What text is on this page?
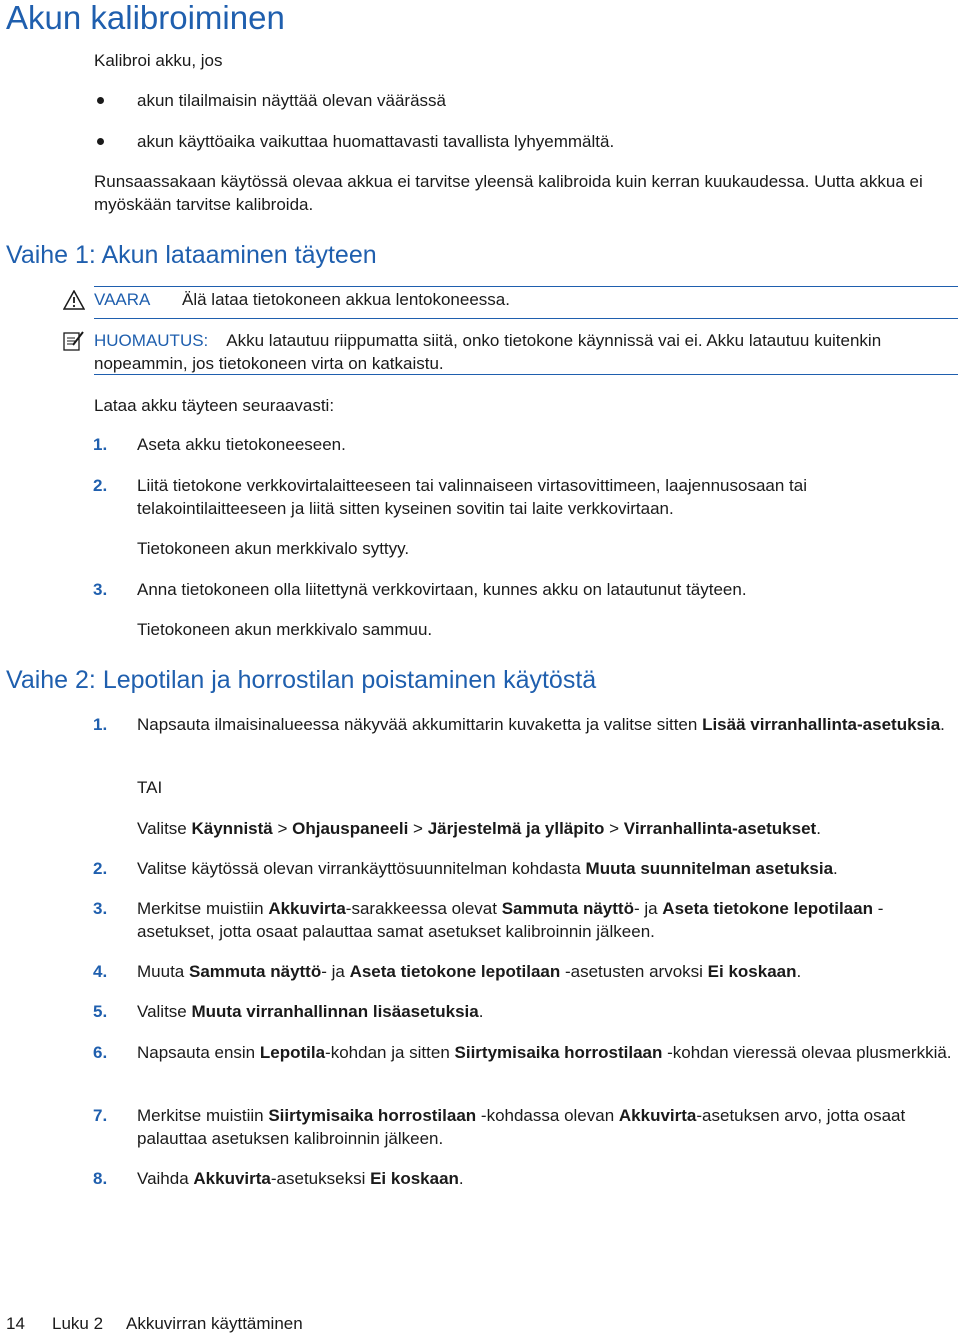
Akun kalibroiminen

Kalibroi akku, jos

akun tilailmaisin näyttää olevan väärässä
akun käyttöaika vaikuttaa huomattavasti tavallista lyhyemmältä.

Runsaassakaan käytössä olevaa akkua ei tarvitse yleensä kalibroida kuin kerran kuukaudessa. Uutta akkua ei myöskään tarvitse kalibroida.

Vaihe 1: Akun lataaminen täyteen
VAARA Älä lataa tietokoneen akkua lentokoneessa.
HUOMAUTUS: Akku latautuu riippumatta siitä, onko tietokone käynnissä vai ei. Akku latautuu kuitenkin nopeammin, jos tietokoneen virta on katkaistu.

Lataa akku täyteen seuraavasti:

1. Aseta akku tietokoneeseen.
2. Liitä tietokone verkkovirtalaitteeseen tai valinnaiseen virtasovittimeen, laajennusosaan tai telakointilaitteeseen ja liitä sitten kyseinen sovitin tai laite verkkovirtaan.
Tietokoneen akun merkkivalo syttyy.
3. Anna tietokoneen olla liitettynä verkkovirtaan, kunnes akku on latautunut täyteen.
Tietokoneen akun merkkivalo sammuu.
Vaihe 2: Lepotilan ja horrostilan poistaminen käytöstä
1. Napsauta ilmaisinalueessa näkyvää akkumittarin kuvaketta ja valitse sitten Lisää virranhallinta-asetuksia.
TAI
Valitse Käynnistä > Ohjauspaneeli > Järjestelmä ja ylläpito > Virranhallinta-asetukset.
2. Valitse käytössä olevan virrankäyttösuunnitelman kohdasta Muuta suunnitelman asetuksia.
3. Merkitse muistiin Akkuvirta-sarakkeessa olevat Sammuta näyttö- ja Aseta tietokone lepotilaan -asetukset, jotta osaat palauttaa samat asetukset kalibroinnin jälkeen.
4. Muuta Sammuta näyttö- ja Aseta tietokone lepotilaan -asetusten arvoksi Ei koskaan.
5. Valitse Muuta virranhallinnan lisäasetuksia.
6. Napsauta ensin Lepotila-kohdan ja sitten Siirtymisaika horrostilaan -kohdan vieressä olevaa plusmerkkiä.
7. Merkitse muistiin Siirtymisaika horrostilaan -kohdassa olevan Akkuvirta-asetuksen arvo, jotta osaat palauttaa asetuksen kalibroinnin jälkeen.
8. Vaihda Akkuvirta-asetukseksi Ei koskaan.
14 Luku 2 Akkuvirran käyttäminen
